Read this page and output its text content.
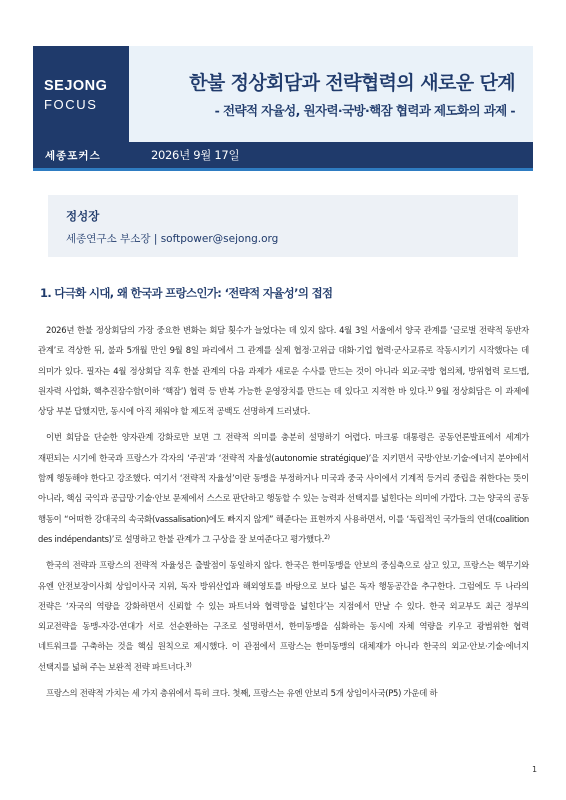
SEJONG
FOCUS
한불 정상회담과 전략협력의 새로운 단계
- 전략적 자율성, 원자력·국방·핵잠 협력과 제도화의 과제 -
세종포커스	2026년 9월 17일
정성장
세종연구소 부소장 | softpower@sejong.org
1. 다극화 시대, 왜 한국과 프랑스인가: ‘전략적 자율성’의 접점

2026년 한불 정상회담의 가장 중요한 변화는 회담 횟수가 늘었다는 데 있지 않다. 4월 3일 서울에서 양국 관계를 ‘글로벌 전략적 동반자 관계’로 격상한 뒤, 불과 5개월 만인 9월 8일 파리에서 그 관계를 실제 협정·고위급 대화·기업 협력·군사교류로 작동시키기 시작했다는 데 의미가 있다. 필자는 4월 정상회담 직후 한불 관계의 다음 과제가 새로운 수사를 만드는 것이 아니라 외교·국방 협의체, 방위협력 로드맵, 원자력 사업화, 핵추진잠수함(이하 ‘핵잠’) 협력 등 반복 가능한 운영장치를 만드는 데 있다고 지적한 바 있다.$^{1)}$ 9월 정상회담은 이 과제에 상당 부분 답했지만, 동시에 아직 채워야 할 제도적 공백도 선명하게 드러냈다.

이번 회담을 단순한 양자관계 강화로만 보면 그 전략적 의미를 충분히 설명하기 어렵다. 마크롱 대통령은 공동언론발표에서 세계가 재편되는 시기에 한국과 프랑스가 각자의 ‘주권’과 ‘전략적 자율성(autonomie stratégique)’을 지키면서 국방·안보·기술·에너지 분야에서 함께 행동해야 한다고 강조했다. 여기서 ‘전략적 자율성’이란 동맹을 부정하거나 미국과 중국 사이에서 기계적 등거리 중립을 취한다는 뜻이 아니라, 핵심 국익과 공급망·기술·안보 문제에서 스스로 판단하고 행동할 수 있는 능력과 선택지를 넓힌다는 의미에 가깝다. 그는 양국의 공동 행동이 “어떠한 강대국의 속국화(vassalisation)에도 빠지지 않게” 해준다는 표현까지 사용하면서, 이를 ‘독립적인 국가들의 연대(coalition des indépendants)’로 설명하고 한불 관계가 그 구상을 잘 보여준다고 평가했다.$^{2)}$

한국의 전략과 프랑스의 전략적 자율성은 출발점이 동일하지 않다. 한국은 한미동맹을 안보의 중심축으로 삼고 있고, 프랑스는 핵무기와 유엔 안전보장이사회 상임이사국 지위, 독자 방위산업과 해외영토를 바탕으로 보다 넓은 독자 행동공간을 추구한다. 그럼에도 두 나라의 전략은 ‘자국의 역량을 강화하면서 신뢰할 수 있는 파트너와 협력망을 넓힌다’는 지점에서 만날 수 있다. 한국 외교부도 최근 정부의 외교전략을 동맹-자강-연대가 서로 선순환하는 구조로 설명하면서, 한미동맹을 심화하는 동시에 자체 역량을 키우고 광범위한 협력 네트워크를 구축하는 것을 핵심 원칙으로 제시했다. 이 관점에서 프랑스는 한미동맹의 대체재가 아니라 한국의 외교·안보·기술·에너지 선택지를 넓혀 주는 보완적 전략 파트너다.$^{3)}$

프랑스의 전략적 가치는 세 가지 층위에서 특히 크다. 첫째, 프랑스는 유엔 안보리 5개 상임이사국(P5) 가운데 하

1
